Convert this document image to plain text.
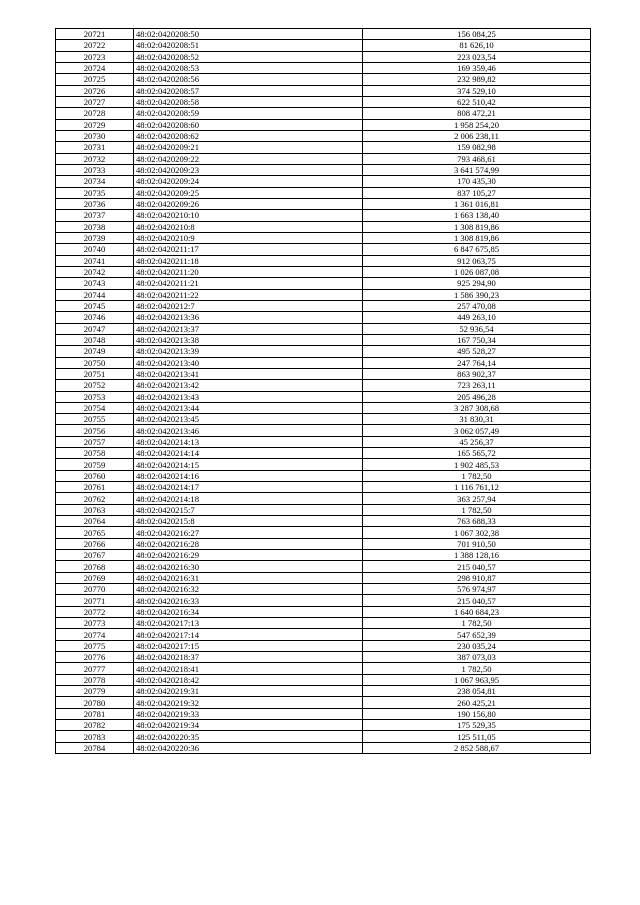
20721	48:02:0420208:50	156 084,25
20722	48:02:0420208:51	81 626,10
20723	48:02:0420208:52	223 023,54
20724	48:02:0420208:53	169 359,46
20725	48:02:0420208:56	232 989,82
20726	48:02:0420208:57	374 529,10
20727	48:02:0420208:58	622 510,42
20728	48:02:0420208:59	808 472,21
20729	48:02:0420208:60	1 958 254,20
20730	48:02:0420208:62	2 006 238,11
20731	48:02:0420209:21	159 082,98
20732	48:02:0420209:22	793 468,61
20733	48:02:0420209:23	3 641 574,99
20734	48:02:0420209:24	170 435,30
20735	48:02:0420209:25	837 105,27
20736	48:02:0420209:26	1 361 016,81
20737	48:02:0420210:10	1 663 138,40
20738	48:02:0420210:8	1 308 819,86
20739	48:02:0420210:9	1 308 819,86
20740	48:02:0420211:17	6 847 675,85
20741	48:02:0420211:18	912 063,75
20742	48:02:0420211:20	1 026 087,08
20743	48:02:0420211:21	925 294,90
20744	48:02:0420211:22	1 586 390,23
20745	48:02:0420212:7	257 470,08
20746	48:02:0420213:36	449 263,10
20747	48:02:0420213:37	52 936,54
20748	48:02:0420213:38	167 750,34
20749	48:02:0420213:39	495 528,27
20750	48:02:0420213:40	247 764,14
20751	48:02:0420213:41	863 902,37
20752	48:02:0420213:42	723 263,11
20753	48:02:0420213:43	205 496,28
20754	48:02:0420213:44	3 287 308,68
20755	48:02:0420213:45	31 830,31
20756	48:02:0420213:46	3 062 057,49
20757	48:02:0420214:13	45 256,37
20758	48:02:0420214:14	165 565,72
20759	48:02:0420214:15	1 902 485,53
20760	48:02:0420214:16	1 782,50
20761	48:02:0420214:17	1 116 761,12
20762	48:02:0420214:18	363 257,94
20763	48:02:0420215:7	1 782,50
20764	48:02:0420215:8	763 688,33
20765	48:02:0420216:27	1 067 302,38
20766	48:02:0420216:28	701 910,50
20767	48:02:0420216:29	1 388 128,16
20768	48:02:0420216:30	215 040,57
20769	48:02:0420216:31	298 910,87
20770	48:02:0420216:32	576 974,97
20771	48:02:0420216:33	215 040,57
20772	48:02:0420216:34	1 640 684,23
20773	48:02:0420217:13	1 782,50
20774	48:02:0420217:14	547 652,39
20775	48:02:0420217:15	230 035,24
20776	48:02:0420218:37	387 073,03
20777	48:02:0420218:41	1 782,50
20778	48:02:0420218:42	1 067 963,95
20779	48:02:0420219:31	238 054,81
20780	48:02:0420219:32	260 425,21
20781	48:02:0420219:33	190 156,80
20782	48:02:0420219:34	175 529,35
20783	48:02:0420220:35	125 511,05
20784	48:02:0420220:36	2 852 588,67
